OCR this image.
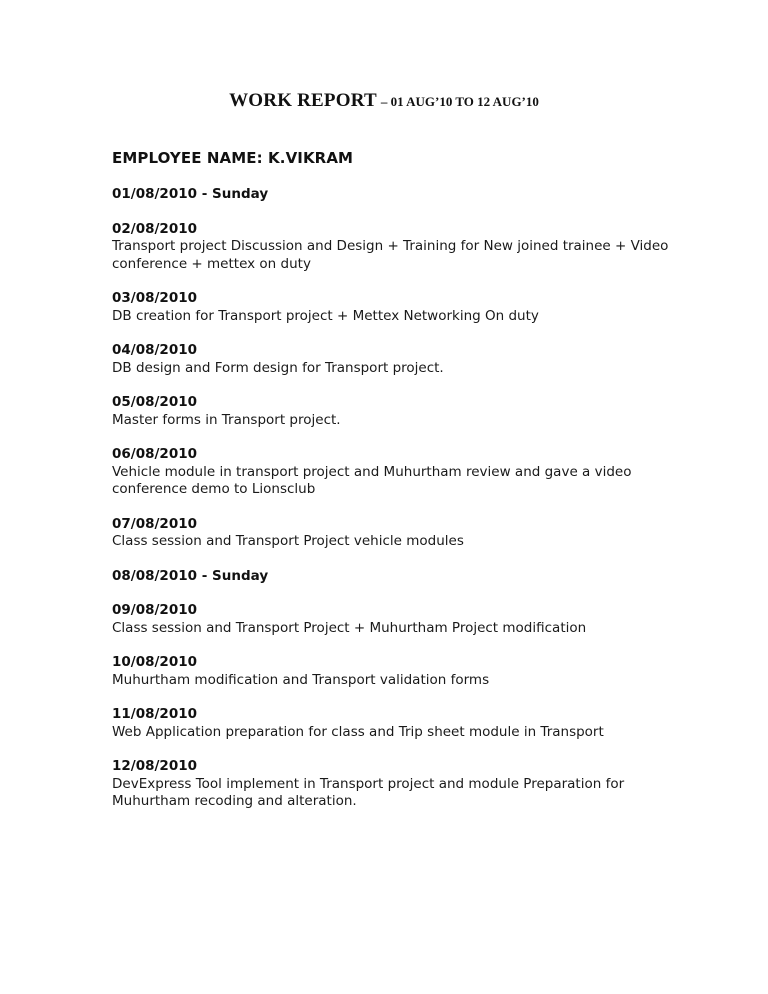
WORK REPORT – 01 AUG’10 TO 12 AUG’10
EMPLOYEE NAME: K.VIKRAM
01/08/2010 - Sunday
02/08/2010
Transport project Discussion and Design + Training for New joined trainee + Video conference + mettex on duty
03/08/2010
DB creation for Transport project + Mettex Networking On duty
04/08/2010
DB design and Form design for Transport project.
05/08/2010
Master forms in Transport project.
06/08/2010
Vehicle module in transport project and Muhurtham review and gave a video conference demo to Lionsclub
07/08/2010
Class session and Transport Project vehicle modules
08/08/2010 - Sunday
09/08/2010
Class session and Transport Project + Muhurtham Project modification
10/08/2010
Muhurtham modification and Transport validation forms
11/08/2010
Web Application preparation for class and Trip sheet module in Transport
12/08/2010
DevExpress Tool implement in Transport project and module Preparation for Muhurtham recoding and alteration.
